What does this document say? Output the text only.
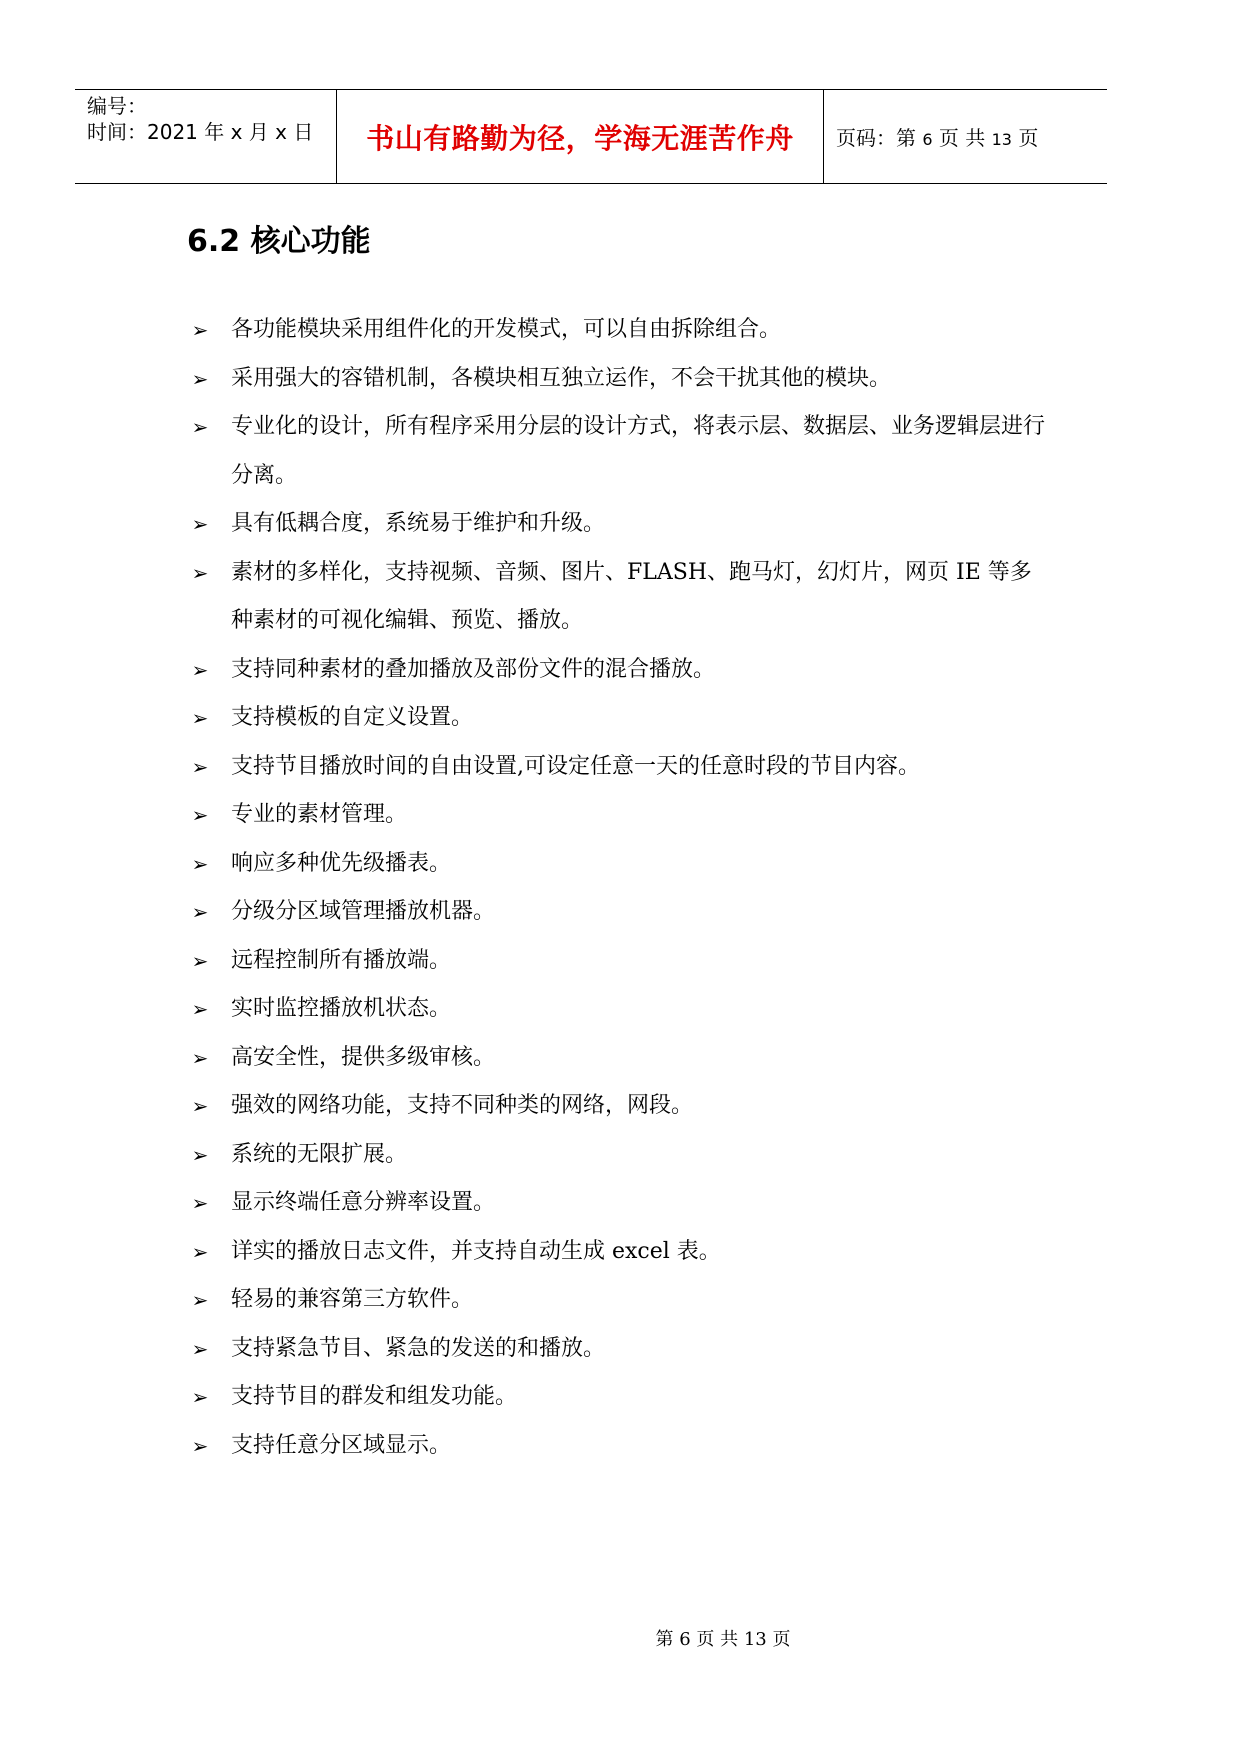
编号：
时间：2021 年 x 月 x 日 书山有路勤为径，学海无涯苦作舟 页码：第 6 页 共 13 页
6.2 核心功能
➢ 各功能模块采用组件化的开发模式，可以自由拆除组合。
➢ 采用强大的容错机制，各模块相互独立运作，不会干扰其他的模块。
➢ 专业化的设计，所有程序采用分层的设计方式，将表示层、数据层、业务逻辑层进行分离。
➢ 具有低耦合度，系统易于维护和升级。
➢ 素材的多样化，支持视频、音频、图片、FLASH、跑马灯，幻灯片，网页 IE 等多种素材的可视化编辑、预览、播放。
➢ 支持同种素材的叠加播放及部份文件的混合播放。
➢ 支持模板的自定义设置。
➢ 支持节目播放时间的自由设置,可设定任意一天的任意时段的节目内容。
➢ 专业的素材管理。
➢ 响应多种优先级播表。
➢ 分级分区域管理播放机器。
➢ 远程控制所有播放端。
➢ 实时监控播放机状态。
➢ 高安全性，提供多级审核。
➢ 强效的网络功能，支持不同种类的网络，网段。
➢ 系统的无限扩展。
➢ 显示终端任意分辨率设置。
➢ 详实的播放日志文件，并支持自动生成 excel 表。
➢ 轻易的兼容第三方软件。
➢ 支持紧急节目、紧急的发送的和播放。
➢ 支持节目的群发和组发功能。
➢ 支持任意分区域显示。
第 6 页 共 13 页
